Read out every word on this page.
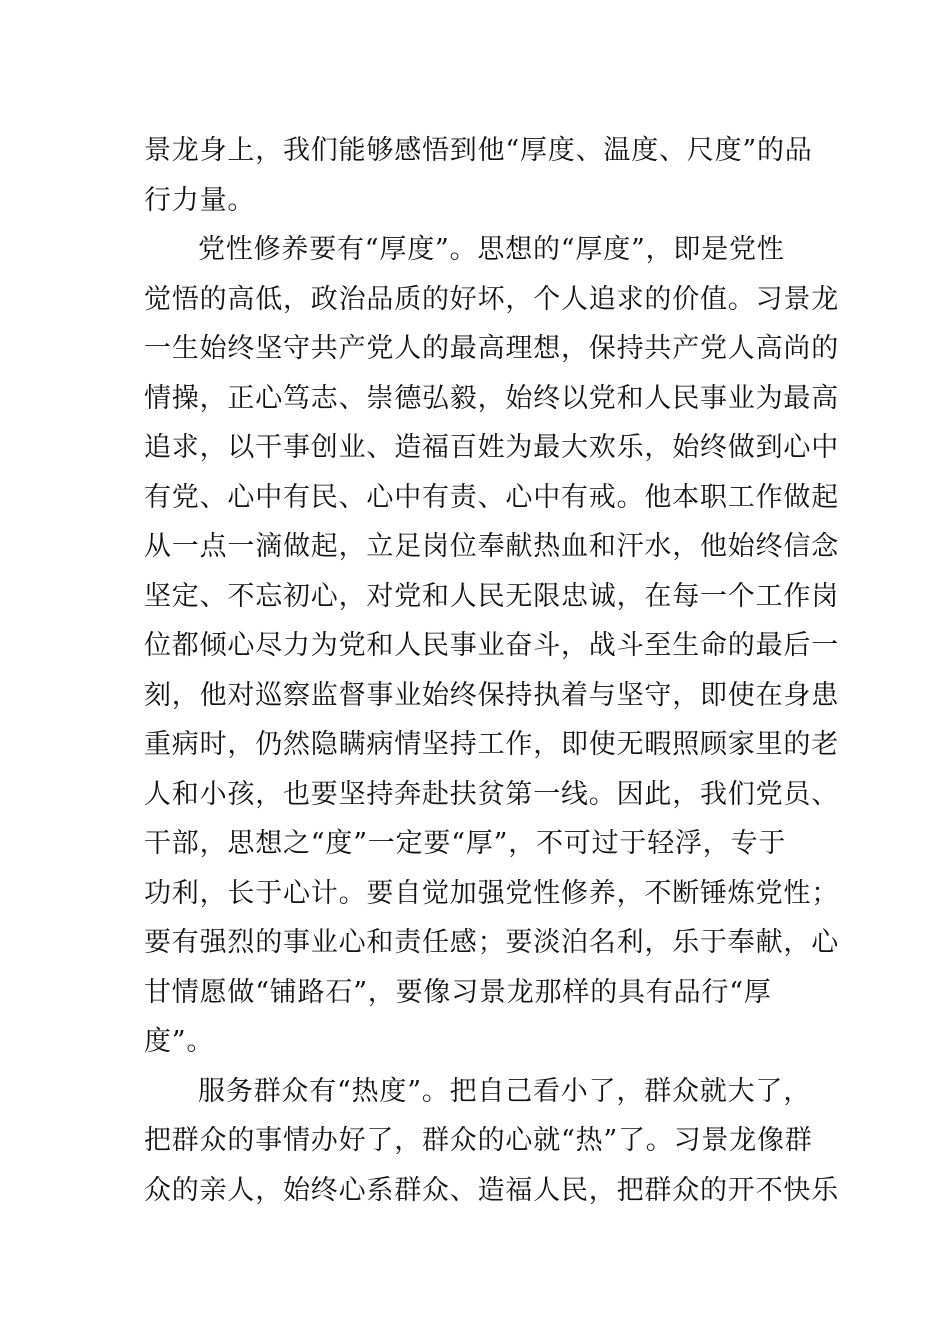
景龙身上，我们能够感悟到他“厚度、温度、尺度”的品
行力量。
党性修养要有“厚度”。思想的“厚度”，即是党性
觉悟的高低，政治品质的好坏，个人追求的价值。习景龙
一生始终坚守共产党人的最高理想，保持共产党人高尚的
情操，正心笃志、崇德弘毅，始终以党和人民事业为最高
追求，以干事创业、造福百姓为最大欢乐，始终做到心中
有党、心中有民、心中有责、心中有戒。他本职工作做起
从一点一滴做起，立足岗位奉献热血和汗水，他始终信念
坚定、不忘初心，对党和人民无限忠诚，在每一个工作岗
位都倾心尽力为党和人民事业奋斗，战斗至生命的最后一
刻，他对巡察监督事业始终保持执着与坚守，即使在身患
重病时，仍然隐瞒病情坚持工作，即使无暇照顾家里的老
人和小孩，也要坚持奔赴扶贫第一线。因此，我们党员、
干部，思想之“度”一定要“厚”，不可过于轻浮，专于
功利，长于心计。要自觉加强党性修养，不断锤炼党性；
要有强烈的事业心和责任感；要淡泊名利，乐于奉献，心
甘情愿做“铺路石”，要像习景龙那样的具有品行“厚
度”。
服务群众有“热度”。把自己看小了，群众就大了，
把群众的事情办好了，群众的心就“热”了。习景龙像群
众的亲人，始终心系群众、造福人民，把群众的开不快乐
